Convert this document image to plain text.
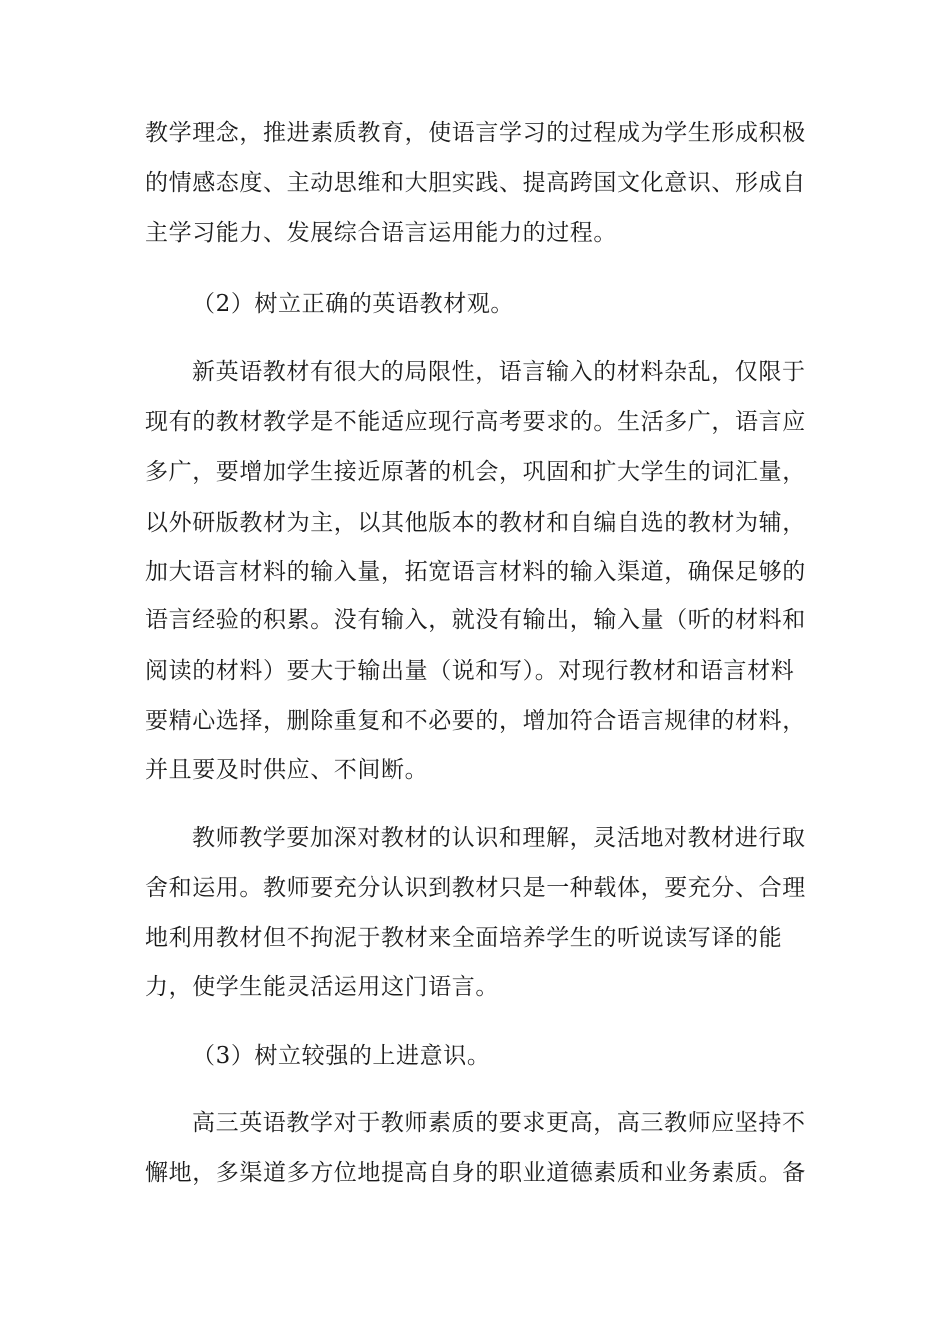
教学理念，推进素质教育，使语言学习的过程成为学生形成积极

的情感态度、主动思维和大胆实践、提高跨国文化意识、形成自

主学习能力、发展综合语言运用能力的过程。

（2）树立正确的英语教材观。

新英语教材有很大的局限性，语言输入的材料杂乱，仅限于

现有的教材教学是不能适应现行高考要求的。生活多广，语言应

多广，要增加学生接近原著的机会，巩固和扩大学生的词汇量，

以外研版教材为主，以其他版本的教材和自编自选的教材为辅，

加大语言材料的输入量，拓宽语言材料的输入渠道，确保足够的

语言经验的积累。没有输入，就没有输出，输入量（听的材料和

阅读的材料）要大于输出量（说和写）。对现行教材和语言材料

要精心选择，删除重复和不必要的，增加符合语言规律的材料，

并且要及时供应、不间断。

教师教学要加深对教材的认识和理解，灵活地对教材进行取

舍和运用。教师要充分认识到教材只是一种载体，要充分、合理

地利用教材但不拘泥于教材来全面培养学生的听说读写译的能

力，使学生能灵活运用这门语言。

（3）树立较强的上进意识。

高三英语教学对于教师素质的要求更高，高三教师应坚持不

懈地，多渠道多方位地提高自身的职业道德素质和业务素质。备
